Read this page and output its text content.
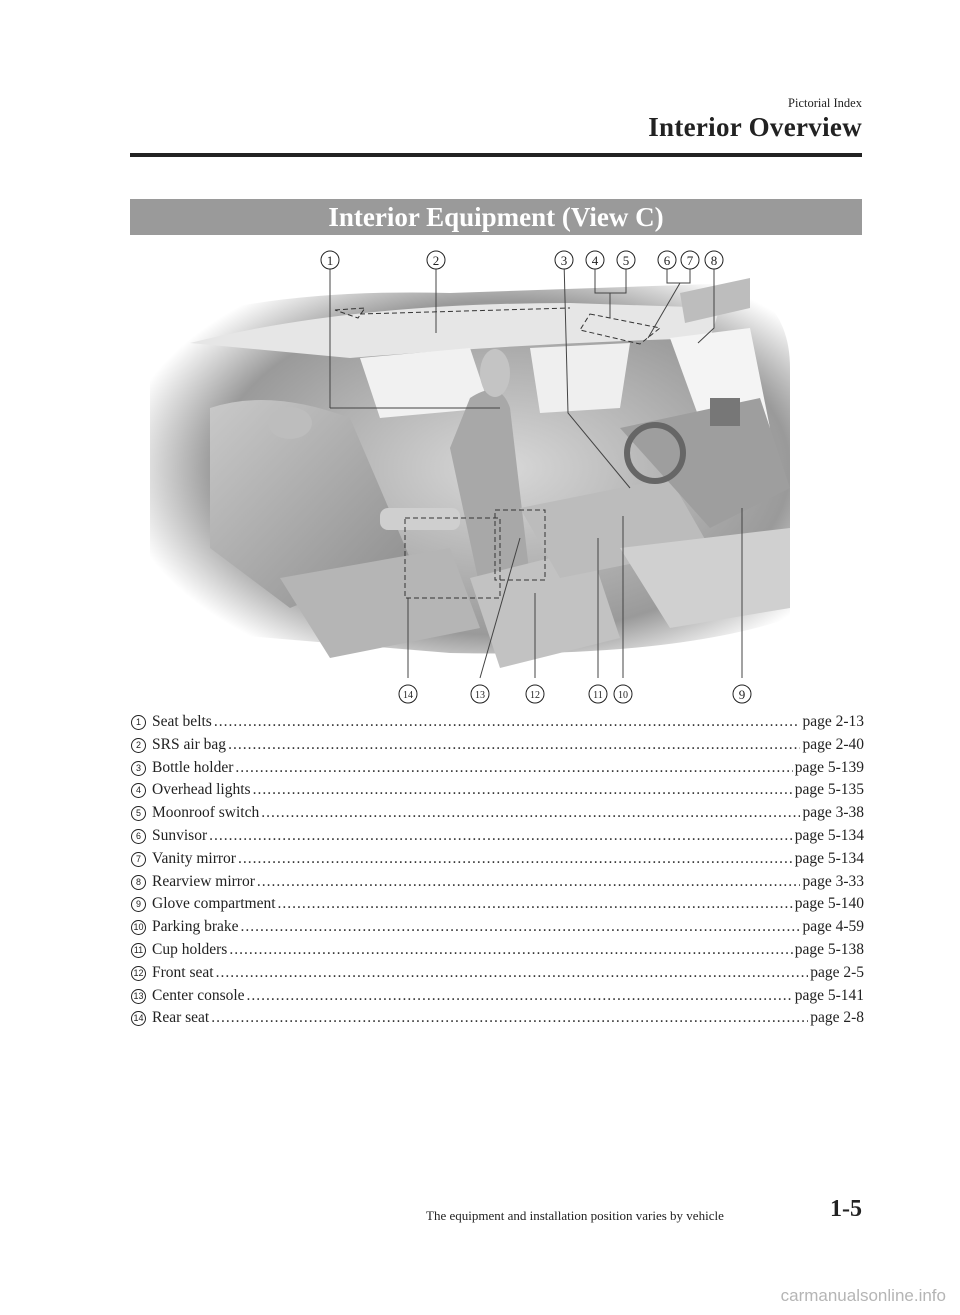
Pictorial Index
Interior Overview
Interior Equipment (View C)
1	2	3 4 5	6 7 8
9
10
11
12
13
14
1 Seat belts .....	page 2-13
2 SRS air bag .....	page 2-40
3 Bottle holder .....	page 5-139
4 Overhead lights .....	page 5-135
5 Moonroof switch .....	page 3-38
6 Sunvisor .....	page 5-134
7 Vanity mirror .....	page 5-134
8 Rearview mirror .....	page 3-33
9 Glove compartment .....	page 5-140
10 Parking brake .....	page 4-59
11 Cup holders .....	page 5-138
12 Front seat .....	page 2-5
13 Center console .....	page 5-141
14 Rear seat .....	page 2-8
The equipment and installation position varies by vehicle	1-5
carmanualsonline.info
